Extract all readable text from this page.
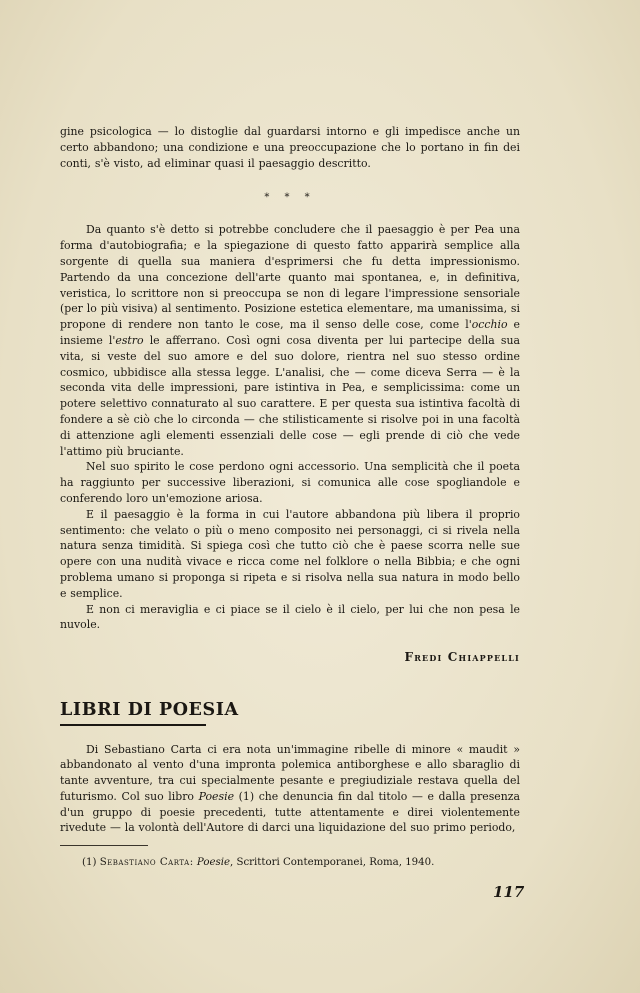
gine psicologica — lo distoglie dal guardarsi intorno e gli impedisce anche un certo abbandono; una condizione e una preoccupazione che lo portano in fin dei conti, s'è visto, ad eliminar quasi il paesaggio descritto.

* * *

Da quanto s'è detto si potrebbe concludere che il paesaggio è per Pea una forma d'autobiografia; e la spiegazione di questo fatto apparirà semplice alla sorgente di quella sua maniera d'esprimersi che fu detta impressionismo. Partendo da una concezione dell'arte quanto mai spontanea, e, in definitiva, veristica, lo scrittore non si preoccupa se non di legare l'impressione sensoriale (per lo più visiva) al sentimento. Posizione estetica elementare, ma umanissima, si propone di rendere non tanto le cose, ma il senso delle cose, come l'occhio e insieme l'estro le afferrano. Così ogni cosa diventa per lui partecipe della sua vita, si veste del suo amore e del suo dolore, rientra nel suo stesso ordine cosmico, ubbidisce alla stessa legge. L'analisi, che — come diceva Serra — è la seconda vita delle impressioni, pare istintiva in Pea, e semplicissima: come un potere selettivo connaturato al suo carattere. E per questa sua istintiva facoltà di fondere a sè ciò che lo circonda — che stilisticamente si risolve poi in una facoltà di attenzione agli elementi essenziali delle cose — egli prende di ciò che vede l'attimo più bruciante.

Nel suo spirito le cose perdono ogni accessorio. Una semplicità che il poeta ha raggiunto per successive liberazioni, si comunica alle cose spogliandole e conferendo loro un'emozione ariosa.

E il paesaggio è la forma in cui l'autore abbandona più libera il proprio sentimento: che velato o più o meno composito nei personaggi, ci si rivela nella natura senza timidità. Si spiega così che tutto ciò che è paese scorra nelle sue opere con una nudità vivace e ricca come nel folklore o nella Bibbia; e che ogni problema umano si proponga si ripeta e si risolva nella sua natura in modo bello e semplice.

E non ci meraviglia e ci piace se il cielo è il cielo, per lui che non pesa le nuvole.

Fredi Chiappelli
LIBRI DI POESIA

Di Sebastiano Carta ci era nota un'immagine ribelle di minore « maudit » abbandonato al vento d'una impronta polemica antiborghese e allo sbaraglio di tante avventure, tra cui specialmente pesante e pregiudiziale restava quella del futurismo. Col suo libro Poesie (1) che denuncia fin dal titolo — e dalla presenza d'un gruppo di poesie precedenti, tutte attentamente e direi violentemente rivedute — la volontà dell'Autore di darci una liquidazione del suo primo periodo,

(1) Sebastiano Carta: Poesie, Scrittori Contemporanei, Roma, 1940.
117
